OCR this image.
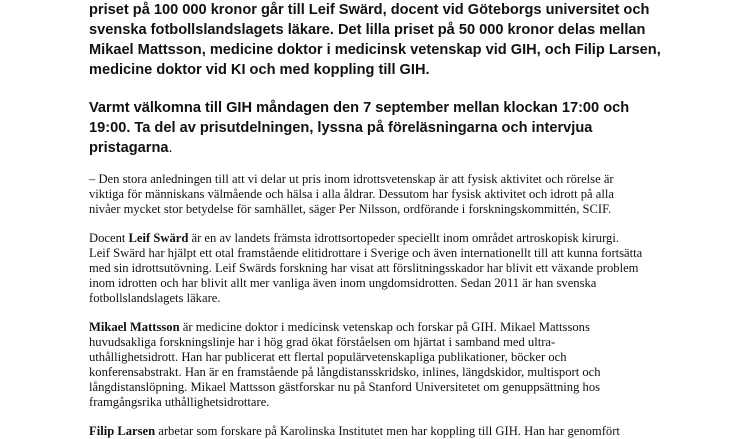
priset på 100 000 kronor går till Leif Swärd, docent vid Göteborgs universitet och
svenska fotbollslandslagets läkare. Det lilla priset på 50 000 kronor delas mellan
Mikael Mattsson, medicine doktor i medicinsk vetenskap vid GIH, och Filip Larsen,
medicine doktor vid KI och med koppling till GIH.
Varmt välkomna till GIH måndagen den 7 september mellan klockan 17:00 och
19:00. Ta del av prisutdelningen, lyssna på föreläsningarna och intervjua
pristagarna.
– Den stora anledningen till att vi delar ut pris inom idrottsvetenskap är att fysisk aktivitet och rörelse är
viktiga för människans välmående och hälsa i alla åldrar. Dessutom har fysisk aktivitet och idrott på alla
nivåer mycket stor betydelse för samhället, säger Per Nilsson, ordförande i forskningskommittén, SCIF.
Docent Leif Swärd är en av landets främsta idrottsortopeder speciellt inom området artroskopisk kirurgi.
Leif Swärd har hjälpt ett otal framstående elitidrottare i Sverige och även internationellt till att kunna fortsätta
med sin idrottsutövning. Leif Swärds forskning har visat att förslitningsskador har blivit ett växande problem
inom idrotten och har blivit allt mer vanliga även inom ungdomsidrotten. Sedan 2011 är han svenska
fotbollslandslagets läkare.
Mikael Mattsson är medicine doktor i medicinsk vetenskap och forskar på GIH. Mikael Mattssons
huvudsakliga forskningslinje har i hög grad ökat förståelsen om hjärtat i samband med ultra-
uthållighetsidrott. Han har publicerat ett flertal populärvetenskapliga publikationer, böcker och
konferensabstrakt. Han är en framstående på långdistansskridsko, inlines, längdskidor, multisport och
långdistanslöpning. Mikael Mattsson gästforskar nu på Stanford Universitetet om genuppsättning hos
framgångsrika uthållighetsidrottare.
Filip Larsen arbetar som forskare på Karolinska Institutet men har koppling till GIH. Han har genomfört
